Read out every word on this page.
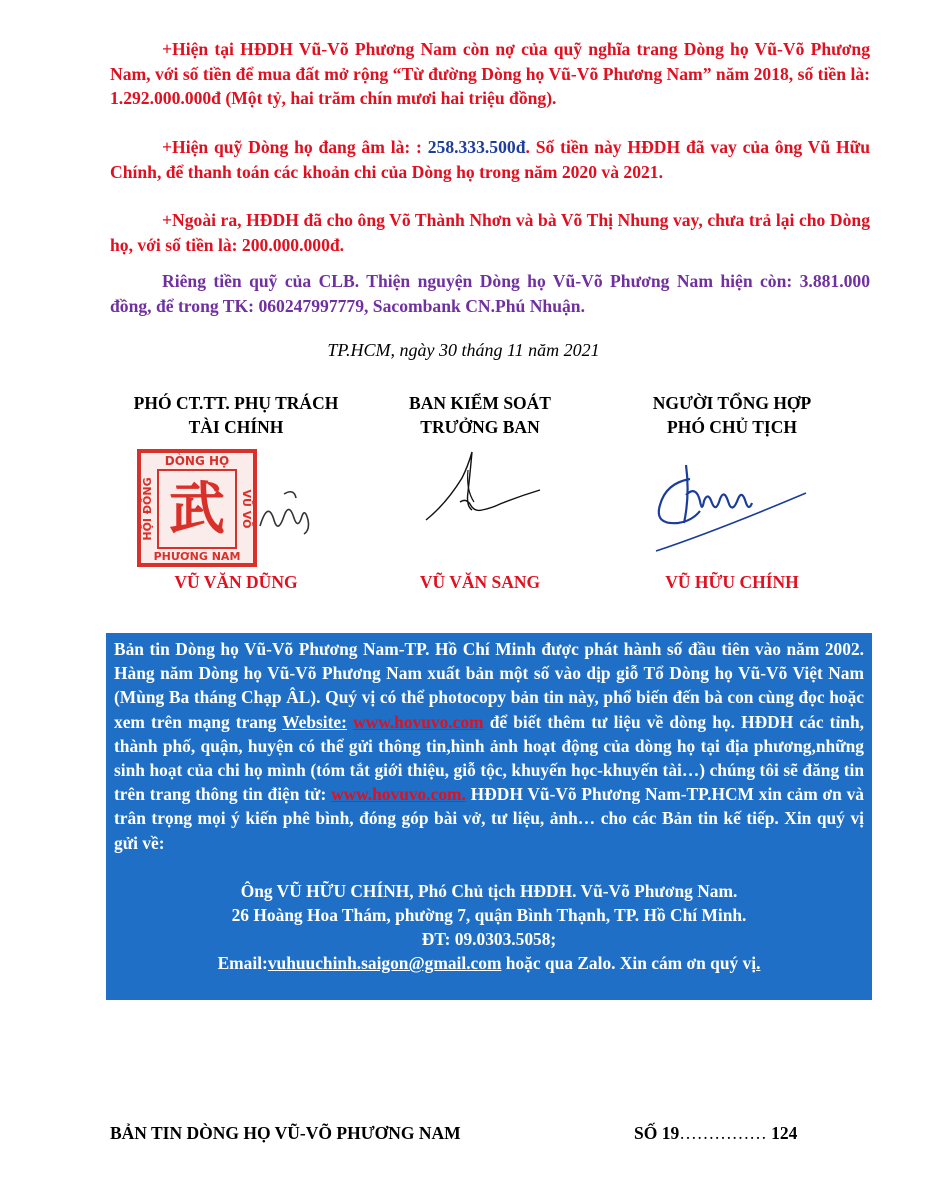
+Hiện tại HĐDH Vũ-Võ Phương Nam còn nợ của quỹ nghĩa trang Dòng họ Vũ-Võ Phương Nam, với số tiền để mua đất mở rộng “Từ đường Dòng họ Vũ-Võ Phương Nam” năm 2018, số tiền là: 1.292.000.000đ (Một tỷ, hai trăm chín mươi hai triệu đồng).
+Hiện quỹ Dòng họ đang âm là: : 258.333.500đ. Số tiền này HĐDH đã vay của ông Vũ Hữu Chính, để thanh toán các khoản chi của Dòng họ trong năm 2020 và 2021.
+Ngoài ra, HĐDH đã cho ông Võ Thành Nhơn và bà Võ Thị Nhung vay, chưa trả lại cho Dòng họ, với số tiền là: 200.000.000đ.
Riêng tiền quỹ của CLB. Thiện nguyện Dòng họ Vũ-Võ Phương Nam hiện còn: 3.881.000 đồng, để trong TK: 060247997779, Sacombank CN.Phú Nhuận.
TP.HCM, ngày 30 tháng 11 năm 2021
PHÓ CT.TT. PHỤ TRÁCH
TÀI CHÍNH
BAN KIỂM SOÁT
TRƯỞNG BAN
NGƯỜI TỔNG HỢP
PHÓ CHỦ TỊCH
DÒNG HỌ
PHƯƠNG NAM
HỘI ĐỒNG	VŨ VÕ
武
VŨ VĂN DŨNG	VŨ VĂN SANG	VŨ HỮU CHÍNH
Bản tin Dòng họ Vũ-Võ Phương Nam-TP. Hồ Chí Minh được phát hành số đầu tiên vào năm 2002. Hàng năm Dòng họ Vũ-Võ Phương Nam xuất bản một số vào dịp giỗ Tổ Dòng họ Vũ-Võ Việt Nam (Mùng Ba tháng Chạp ÂL). Quý vị có thể photocopy bản tin này, phổ biến đến bà con cùng đọc hoặc xem trên mạng trang Website: www.hovuvo.com để biết thêm tư liệu về dòng họ. HĐDH các tỉnh, thành phố, quận, huyện có thể gửi thông tin,hình ảnh hoạt động của dòng họ tại địa phương,những sinh hoạt của chi họ mình (tóm tắt giới thiệu, giỗ tộc, khuyến học-khuyến tài…) chúng tôi sẽ đăng tin trên trang thông tin điện tử: www.hovuvo.com. HĐDH Vũ-Võ Phương Nam-TP.HCM xin cảm ơn và trân trọng mọi ý kiến phê bình, đóng góp bài vở, tư liệu, ảnh… cho các Bản tin kế tiếp. Xin quý vị gửi về:
Ông VŨ HỮU CHÍNH, Phó Chủ tịch HĐDH. Vũ-Võ Phương Nam.
26 Hoàng Hoa Thám, phường 7, quận Bình Thạnh, TP. Hồ Chí Minh.
ĐT: 09.0303.5058;
Email:vuhuuchinh.saigon@gmail.com hoặc qua Zalo. Xin cám ơn quý vị.
BẢN TIN DÒNG HỌ VŨ-VÕ PHƯƠNG NAM	SỐ 19…………… 124
